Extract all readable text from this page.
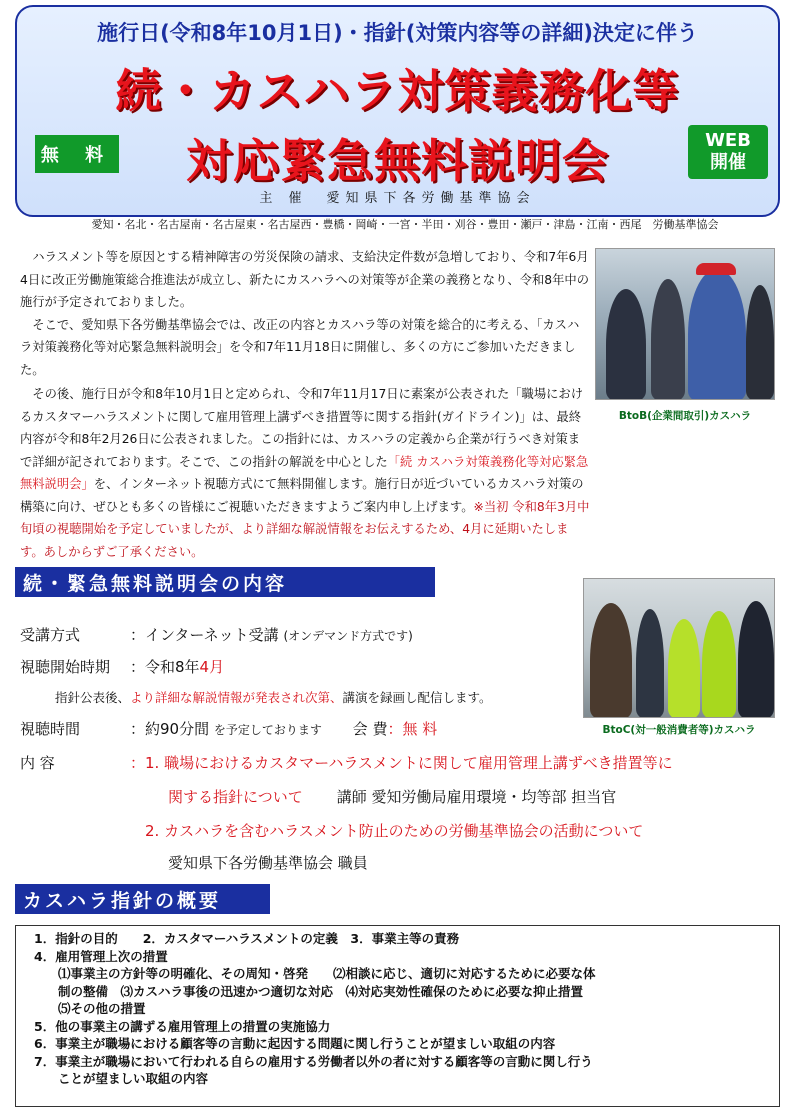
施行日(令和8年10月1日)・指針(対策内容等の詳細)決定に伴う
続・カスハラ対策義務化等
無 料	対応緊急無料説明会	WEB
開催
主 催　愛知県下各労働基準協会
愛知・名北・名古屋南・名古屋東・名古屋西・豊橋・岡崎・一宮・半田・刈谷・豊田・瀬戸・津島・江南・西尾　労働基準協会

ハラスメント等を原因とする精神障害の労災保険の請求、支給決定件数が急増しており、令和7年6月4日に改正労働施策総合推進法が成立し、新たにカスハラへの対策等が企業の義務となり、令和8年中の施行が予定されておりました。

そこで、愛知県下各労働基準協会では、改正の内容とカスハラ等の対策を総合的に考える、「カスハラ対策義務化等対応緊急無料説明会」を令和7年11月18日に開催し、多くの方にご参加いただきました。

その後、施行日が令和8年10月1日と定められ、令和7年11月17日に素案が公表された「職場におけるカスタマーハラスメントに関して雇用管理上講ずべき措置等に関する指針(ガイドライン)」は、最終内容が令和8年2月26日に公表されました。この指針には、カスハラの定義から企業が行うべき対策まで詳細が記されております。そこで、この指針の解説を中心とした「続 カスハラ対策義務化等対応緊急無料説明会」を、インターネット視聴方式にて無料開催します。施行日が近づいているカスハラ対策の構築に向け、ぜひとも多くの皆様にご視聴いただきますようご案内申し上げます。※当初 令和8年3月中旬頃の視聴開始を予定していましたが、より詳細な解説情報をお伝えするため、4月に延期いたします。あしからずご了承ください。

BtoB(企業間取引)カスハラ
続・緊急無料説明会の内容
BtoC(対一般消費者等)カスハラ
受講方式	：インターネット受講 (オンデマンド方式です)
視聴開始時期 ：令和8年4月
指針公表後、より詳細な解説情報が発表され次第、講演を録画し配信します。
視聴時間	：約90分間 を予定しております 会 費：無 料
内 容	：1. 職場におけるカスタマーハラスメントに関して雇用管理上講ずべき措置等に
関する指針について 講師 愛知労働局雇用環境・均等部 担当官
2. カスハラを含むハラスメント防止のための労働基準協会の活動について
愛知県下各労働基準協会 職員
カスハラ指針の概要
1．指針の目的　　2．カスタマーハラスメントの定義　3．事業主等の責務
4．雇用管理上次の措置
⑴事業主の方針等の明確化、その周知・啓発　　⑵相談に応じ、適切に対応するために必要な体
制の整備　⑶カスハラ事後の迅速かつ適切な対応　⑷対応実効性確保のために必要な抑止措置
⑸その他の措置
5．他の事業主の講ずる雇用管理上の措置の実施協力
6．事業主が職場における顧客等の言動に起因する問題に関し行うことが望ましい取組の内容
7．事業主が職場において行われる自らの雇用する労働者以外の者に対する顧客等の言動に関し行う
ことが望ましい取組の内容
